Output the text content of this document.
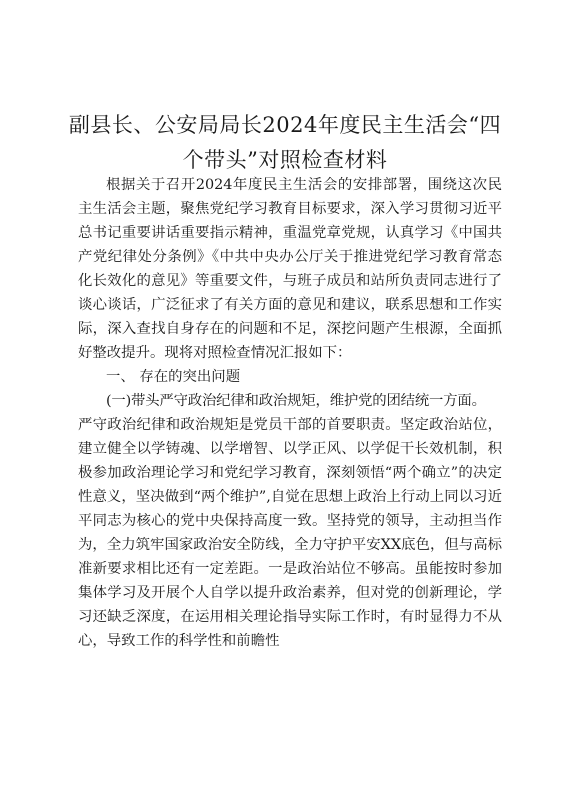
副县长、公安局局长2024年度民主生活会“四个带头”对照检查材料

根据关于召开2024年度民主生活会的安排部署，围绕这次民主生活会主题，聚焦党纪学习教育目标要求，深入学习贯彻习近平总书记重要讲话重要指示精神，重温党章党规，认真学习《中国共产党纪律处分条例》《中共中央办公厅关于推进党纪学习教育常态化长效化的意见》等重要文件，与班子成员和站所负责同志进行了谈心谈话，广泛征求了有关方面的意见和建议，联系思想和工作实际，深入查找自身存在的问题和不足，深挖问题产生根源，全面抓好整改提升。现将对照检查情况汇报如下：

一、 存在的突出问题

(一)带头严守政治纪律和政治规矩，维护党的团结统一方面。

严守政治纪律和政治规矩是党员干部的首要职责。坚定政治站位，建立健全以学铸魂、以学增智、以学正风、以学促干长效机制，积极参加政治理论学习和党纪学习教育，深刻领悟“两个确立”的决定性意义，坚决做到“两个维护”,自觉在思想上政治上行动上同以习近平同志为核心的党中央保持高度一致。坚持党的领导，主动担当作为，全力筑牢国家政治安全防线，全力守护平安XX底色，但与高标准新要求相比还有一定差距。一是政治站位不够高。虽能按时参加集体学习及开展个人自学以提升政治素养，但对党的创新理论，学习还缺乏深度，在运用相关理论指导实际工作时，有时显得力不从心，导致工作的科学性和前瞻性
